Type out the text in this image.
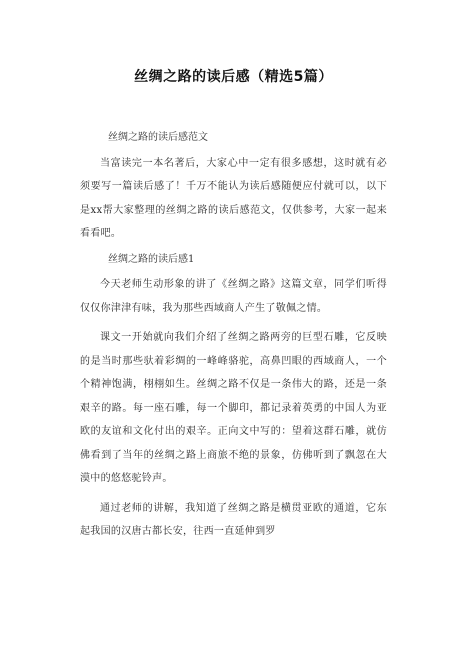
丝绸之路的读后感（精选5篇）

丝绸之路的读后感范文

当富读完一本名著后，大家心中一定有很多感想，这时就有必须要写一篇读后感了！千万不能认为读后感随便应付就可以，以下是xx帮大家整理的丝绸之路的读后感范文，仅供参考，大家一起来看看吧。

丝绸之路的读后感1

今天老师生动形象的讲了《丝绸之路》这篇文章，同学们听得仅仅你津津有味，我为那些西域商人产生了敬佩之情。

课文一开始就向我们介绍了丝绸之路两旁的巨型石雕，它反映的是当时那些驮着彩绸的一峰峰骆驼，高鼻凹眼的西域商人，一个个精神饱满，栩栩如生。丝绸之路不仅是一条伟大的路，还是一条艰辛的路。每一座石雕，每一个脚印，都记录着英勇的中国人为亚欧的友谊和文化付出的艰辛。正向文中写的：望着这群石雕，就仿佛看到了当年的丝绸之路上商旅不绝的景象，仿佛听到了飘忽在大漠中的悠悠驼铃声。

通过老师的讲解，我知道了丝绸之路是横贯亚欧的通道，它东起我国的汉唐古都长安，往西一直延伸到罗
